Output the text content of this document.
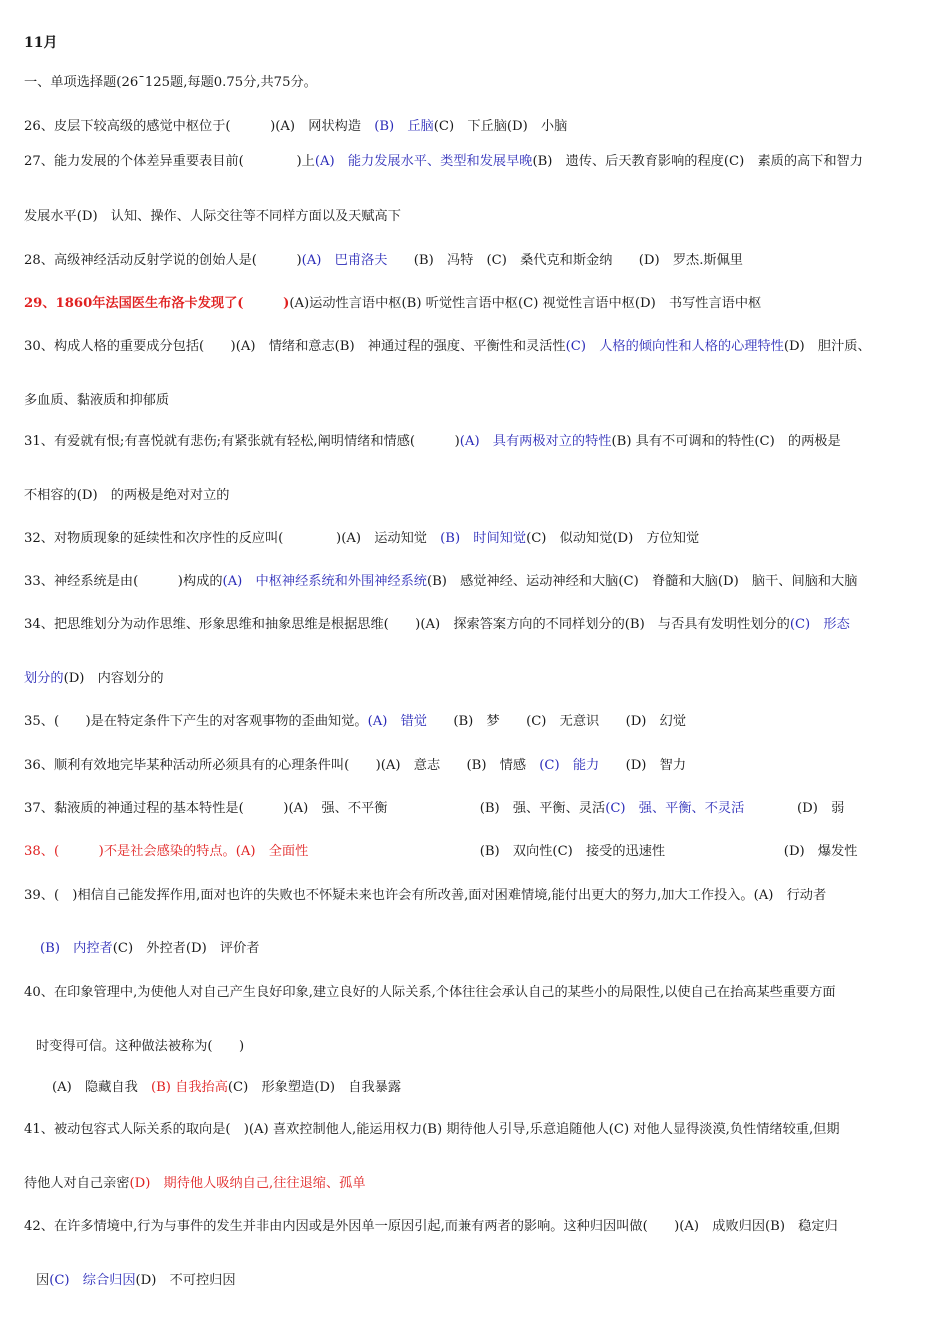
11月
一、单项选择题(26¯125题,每题0.75分,共75分。
26、皮层下较高级的感觉中枢位于(　　　)(A)　网状构造　(B)　丘脑(C)　下丘脑(D)　小脑
27、能力发展的个体差异重要表目前(　　　　)上(A)　能力发展水平、类型和发展早晚(B)　遗传、后天教育影响的程度(C)　素质的高下和智力
发展水平(D)　认知、操作、人际交往等不同样方面以及天赋高下
28、高级神经活动反射学说的创始人是(　　　)(A)　巴甫洛夫　　(B)　冯特　(C)　桑代克和斯金纳　　(D)　罗杰.斯佩里
29、1860年法国医生布洛卡发现了(　　　)(A)运动性言语中枢(B) 听觉性言语中枢(C) 视觉性言语中枢(D)　书写性言语中枢
30、构成人格的重要成分包括(　　)(A)　情绪和意志(B)　神通过程的强度、平衡性和灵活性(C)　人格的倾向性和人格的心理特性(D)　胆汁质、
多血质、黏液质和抑郁质
31、有爱就有恨;有喜悦就有悲伤;有紧张就有轻松,阐明情绪和情感(　　　)(A)　具有两极对立的特性(B) 具有不可调和的特性(C)　的两极是
不相容的(D)　的两极是绝对对立的
32、对物质现象的延续性和次序性的反应叫(　　　　)(A)　运动知觉　(B)　时间知觉(C)　似动知觉(D)　方位知觉
33、神经系统是由(　　　)构成的(A)　中枢神经系统和外围神经系统(B)　感觉神经、运动神经和大脑(C)　脊髓和大脑(D)　脑干、间脑和大脑
34、把思维划分为动作思维、形象思维和抽象思维是根据思维(　　)(A)　探索答案方向的不同样划分的(B)　与否具有发明性划分的(C)　形态
划分的(D)　内容划分的
35、(　　)是在特定条件下产生的对客观事物的歪曲知觉。(A)　错觉　　(B)　梦　　(C)　无意识　　(D)　幻觉
36、顺利有效地完毕某种活动所必须具有的心理条件叫(　　)(A)　意志　　(B)　情感　(C)　能力　　(D)　智力
37、黏液质的神通过程的基本特性是(　　　)(A)　强、不平衡　　　　　　　(B)　强、平衡、灵活(C)　强、平衡、不灵活　　　　(D)　弱
38、(　　　)不是社会感染的特点。(A)　全面性　　　　　　　　　　　　　(B)　双向性(C)　接受的迅速性　　　　　　　　　(D)　爆发性
39、(　)相信自己能发挥作用,面对也许的失败也不怀疑未来也许会有所改善,面对困难情境,能付出更大的努力,加大工作投入。(A)　行动者
(B)　内控者(C)　外控者(D)　评价者
40、在印象管理中,为使他人对自己产生良好印象,建立良好的人际关系,个体往往会承认自己的某些小的局限性,以使自己在抬高某些重要方面
时变得可信。这种做法被称为(　　)
(A)　隐藏自我　(B) 自我抬高(C)　形象塑造(D)　自我暴露
41、被动包容式人际关系的取向是(　)(A) 喜欢控制他人,能运用权力(B) 期待他人引导,乐意追随他人(C) 对他人显得淡漠,负性情绪较重,但期
待他人对自己亲密(D)　期待他人吸纳自己,往往退缩、孤单
42、在许多情境中,行为与事件的发生并非由内因或是外因单一原因引起,而兼有两者的影响。这种归因叫做(　　)(A)　成败归因(B)　稳定归
因(C)　综合归因(D)　不可控归因
